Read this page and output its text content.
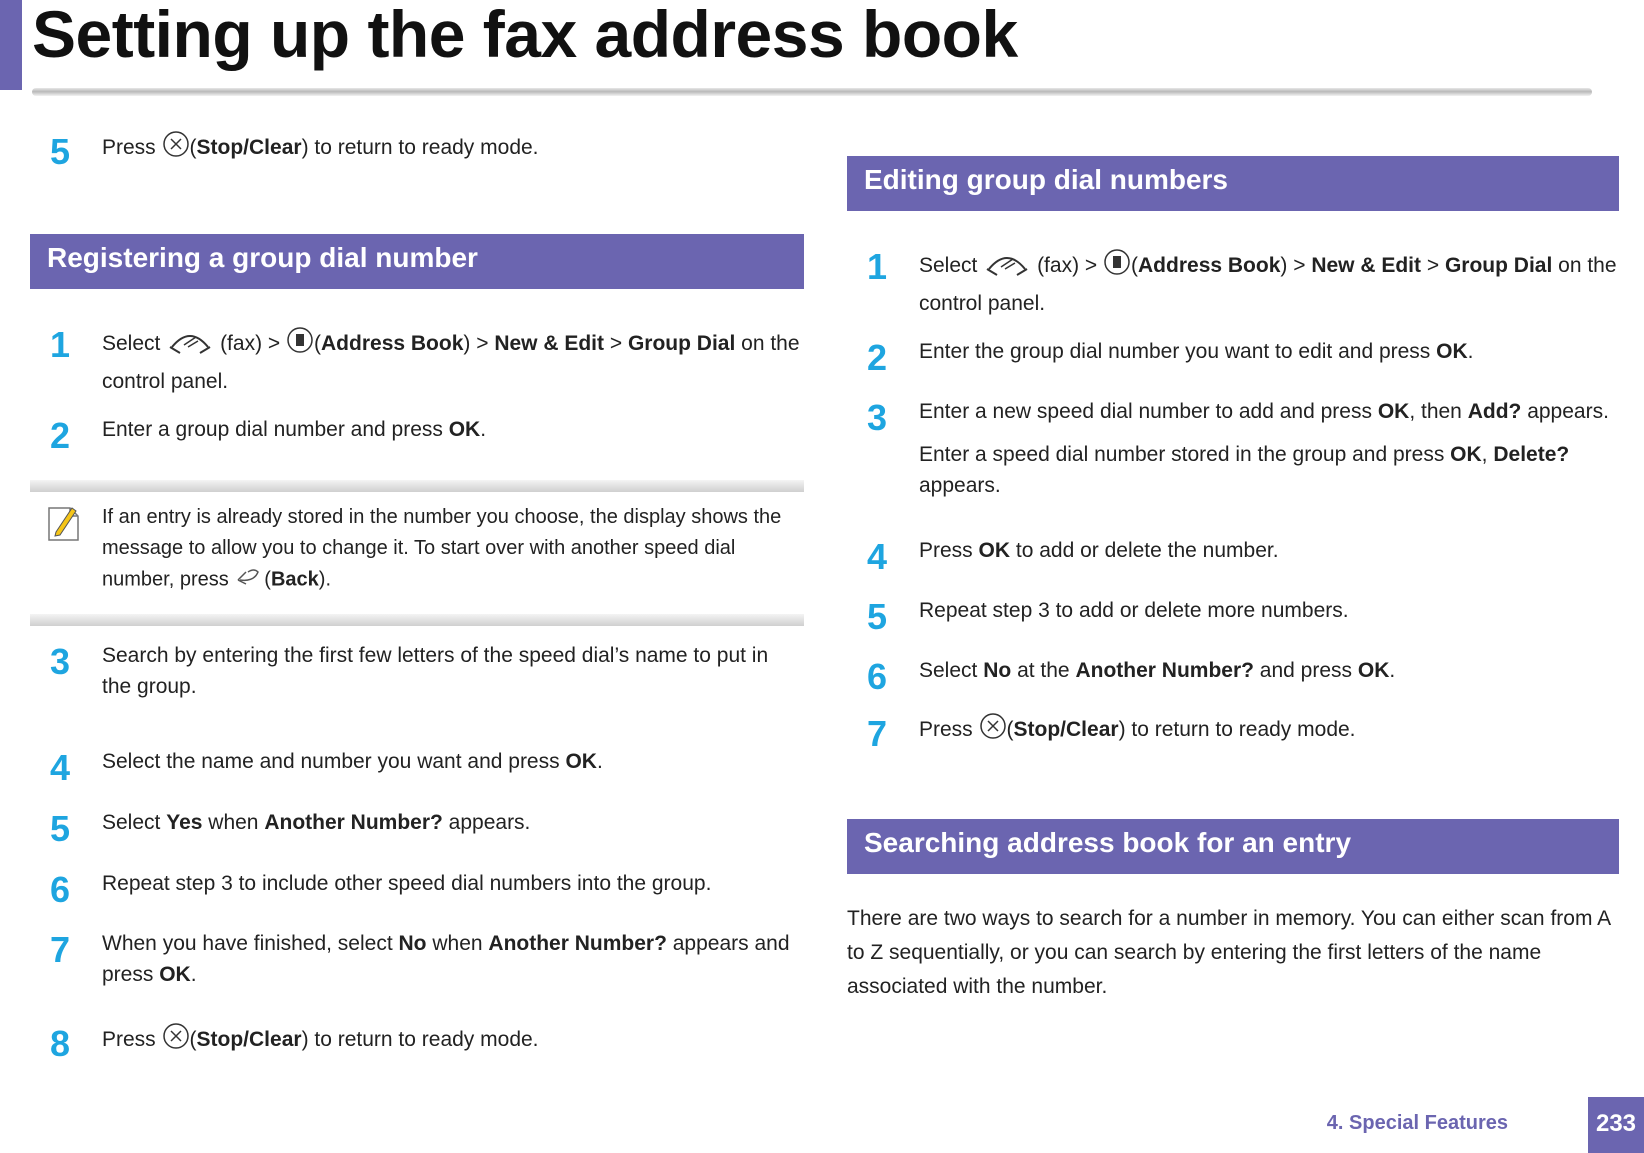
Setting up the fax address book
5	Press (Stop/Clear) to return to ready mode.
Registering a group dial number
1	Select	(fax) > (Address Book) > New & Edit > Group Dial on the control panel.
2	Enter a group dial number and press OK.
If an entry is already stored in the number you choose, the display shows the message to allow you to change it. To start over with another speed dial number, press (Back).
3	Search by entering the first few letters of the speed dial’s name to put in the group.
4	Select the name and number you want and press OK.
5	Select Yes when Another Number? appears.
6	Repeat step 3 to include other speed dial numbers into the group.
7	When you have finished, select No when Another Number? appears and press OK.
8	Press (Stop/Clear) to return to ready mode.
Editing group dial numbers
1	Select	(fax) > (Address Book) > New & Edit > Group Dial on the control panel.
2	Enter the group dial number you want to edit and press OK.
3	Enter a new speed dial number to add and press OK, then Add? appears.
Enter a speed dial number stored in the group and press OK, Delete? appears.
4	Press OK to add or delete the number.
5	Repeat step 3 to add or delete more numbers.
6	Select No at the Another Number? and press OK.
7	Press (Stop/Clear) to return to ready mode.
Searching address book for an entry
There are two ways to search for a number in memory. You can either scan from A to Z sequentially, or you can search by entering the first letters of the name associated with the number.
4. Special Features	233
